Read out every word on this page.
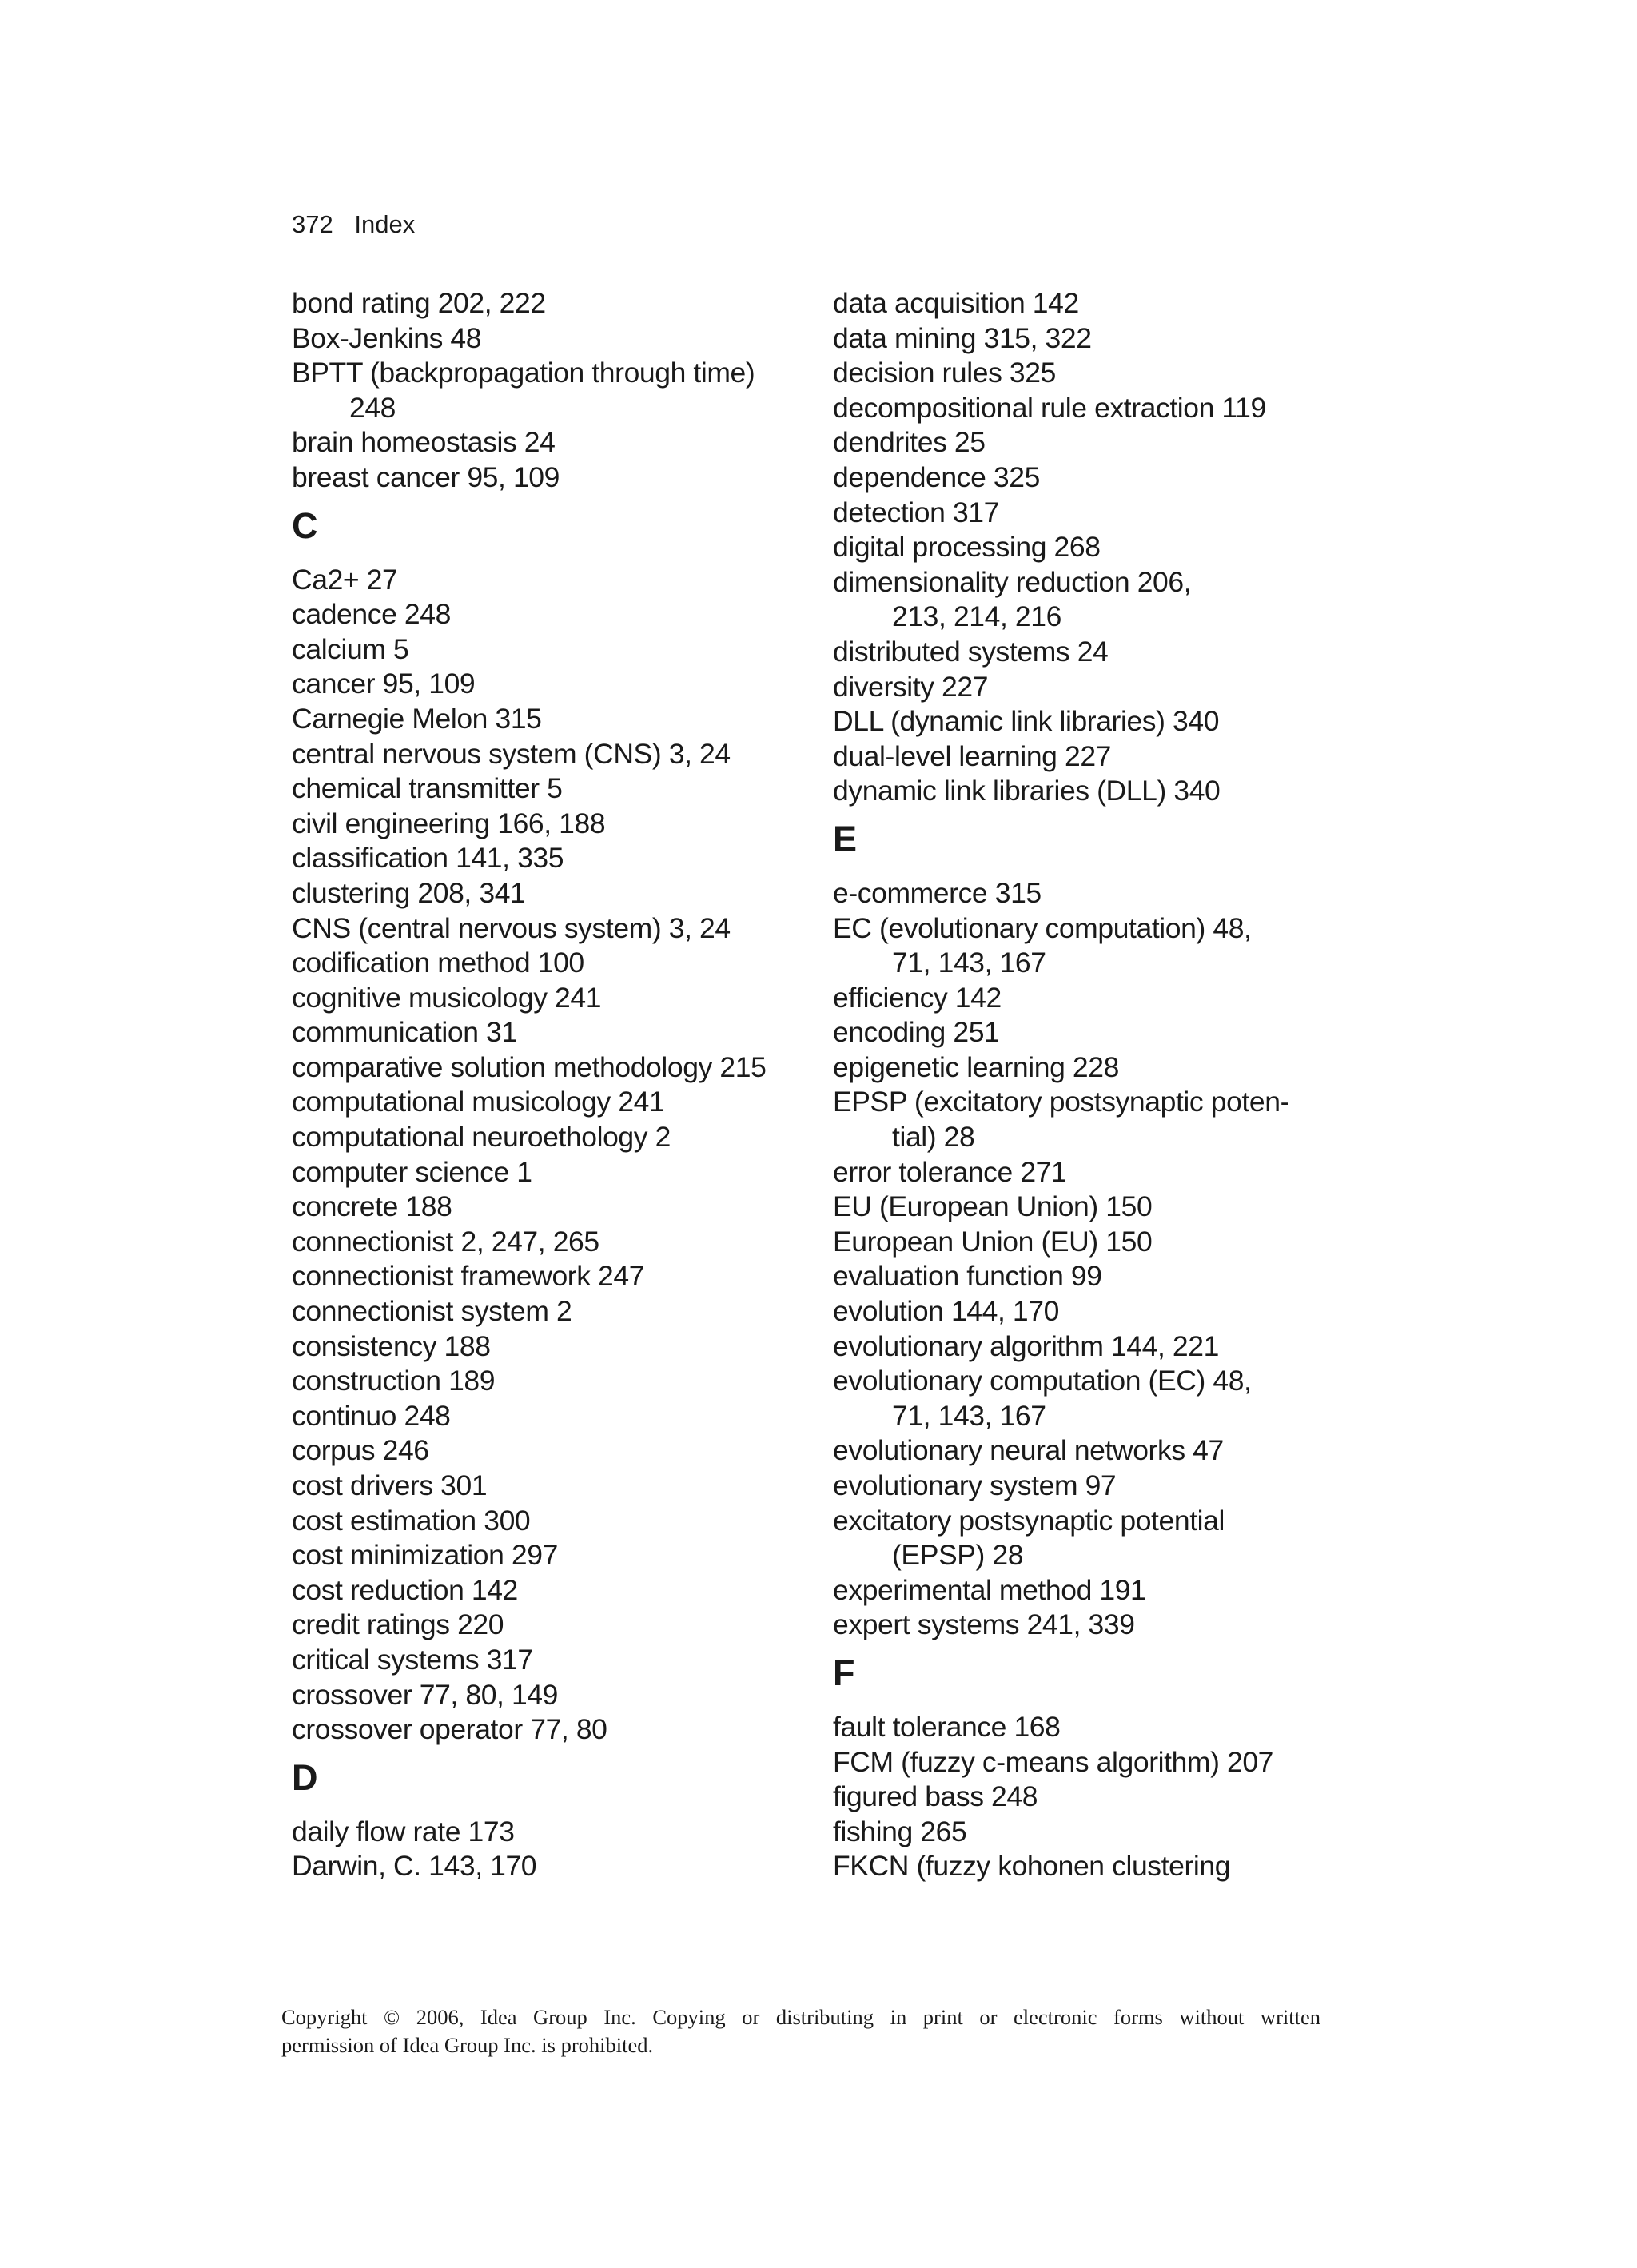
372 Index
bond rating 202, 222
Box-Jenkins 48
BPTT (backpropagation through time)
248
brain homeostasis 24
breast cancer 95, 109
C
Ca2+ 27
cadence 248
calcium 5
cancer 95, 109
Carnegie Melon 315
central nervous system (CNS) 3, 24
chemical transmitter 5
civil engineering 166, 188
classification 141, 335
clustering 208, 341
CNS (central nervous system) 3, 24
codification method 100
cognitive musicology 241
communication 31
comparative solution methodology 215
computational musicology 241
computational neuroethology 2
computer science 1
concrete 188
connectionist 2, 247, 265
connectionist framework 247
connectionist system 2
consistency 188
construction 189
continuo 248
corpus 246
cost drivers 301
cost estimation 300
cost minimization 297
cost reduction 142
credit ratings 220
critical systems 317
crossover 77, 80, 149
crossover operator 77, 80
D
daily flow rate 173
Darwin, C. 143, 170
data acquisition 142
data mining 315, 322
decision rules 325
decompositional rule extraction 119
dendrites 25
dependence 325
detection 317
digital processing 268
dimensionality reduction 206,
213, 214, 216
distributed systems 24
diversity 227
DLL (dynamic link libraries) 340
dual-level learning 227
dynamic link libraries (DLL) 340
E
e-commerce 315
EC (evolutionary computation) 48,
71, 143, 167
efficiency 142
encoding 251
epigenetic learning 228
EPSP (excitatory postsynaptic poten-
tial) 28
error tolerance 271
EU (European Union) 150
European Union (EU) 150
evaluation function 99
evolution 144, 170
evolutionary algorithm 144, 221
evolutionary computation (EC) 48,
71, 143, 167
evolutionary neural networks 47
evolutionary system 97
excitatory postsynaptic potential
(EPSP) 28
experimental method 191
expert systems 241, 339
F
fault tolerance 168
FCM (fuzzy c-means algorithm) 207
figured bass 248
fishing 265
FKCN (fuzzy kohonen clustering
Copyright © 2006, Idea Group Inc. Copying or distributing in print or electronic forms without written
permission of Idea Group Inc. is prohibited.
